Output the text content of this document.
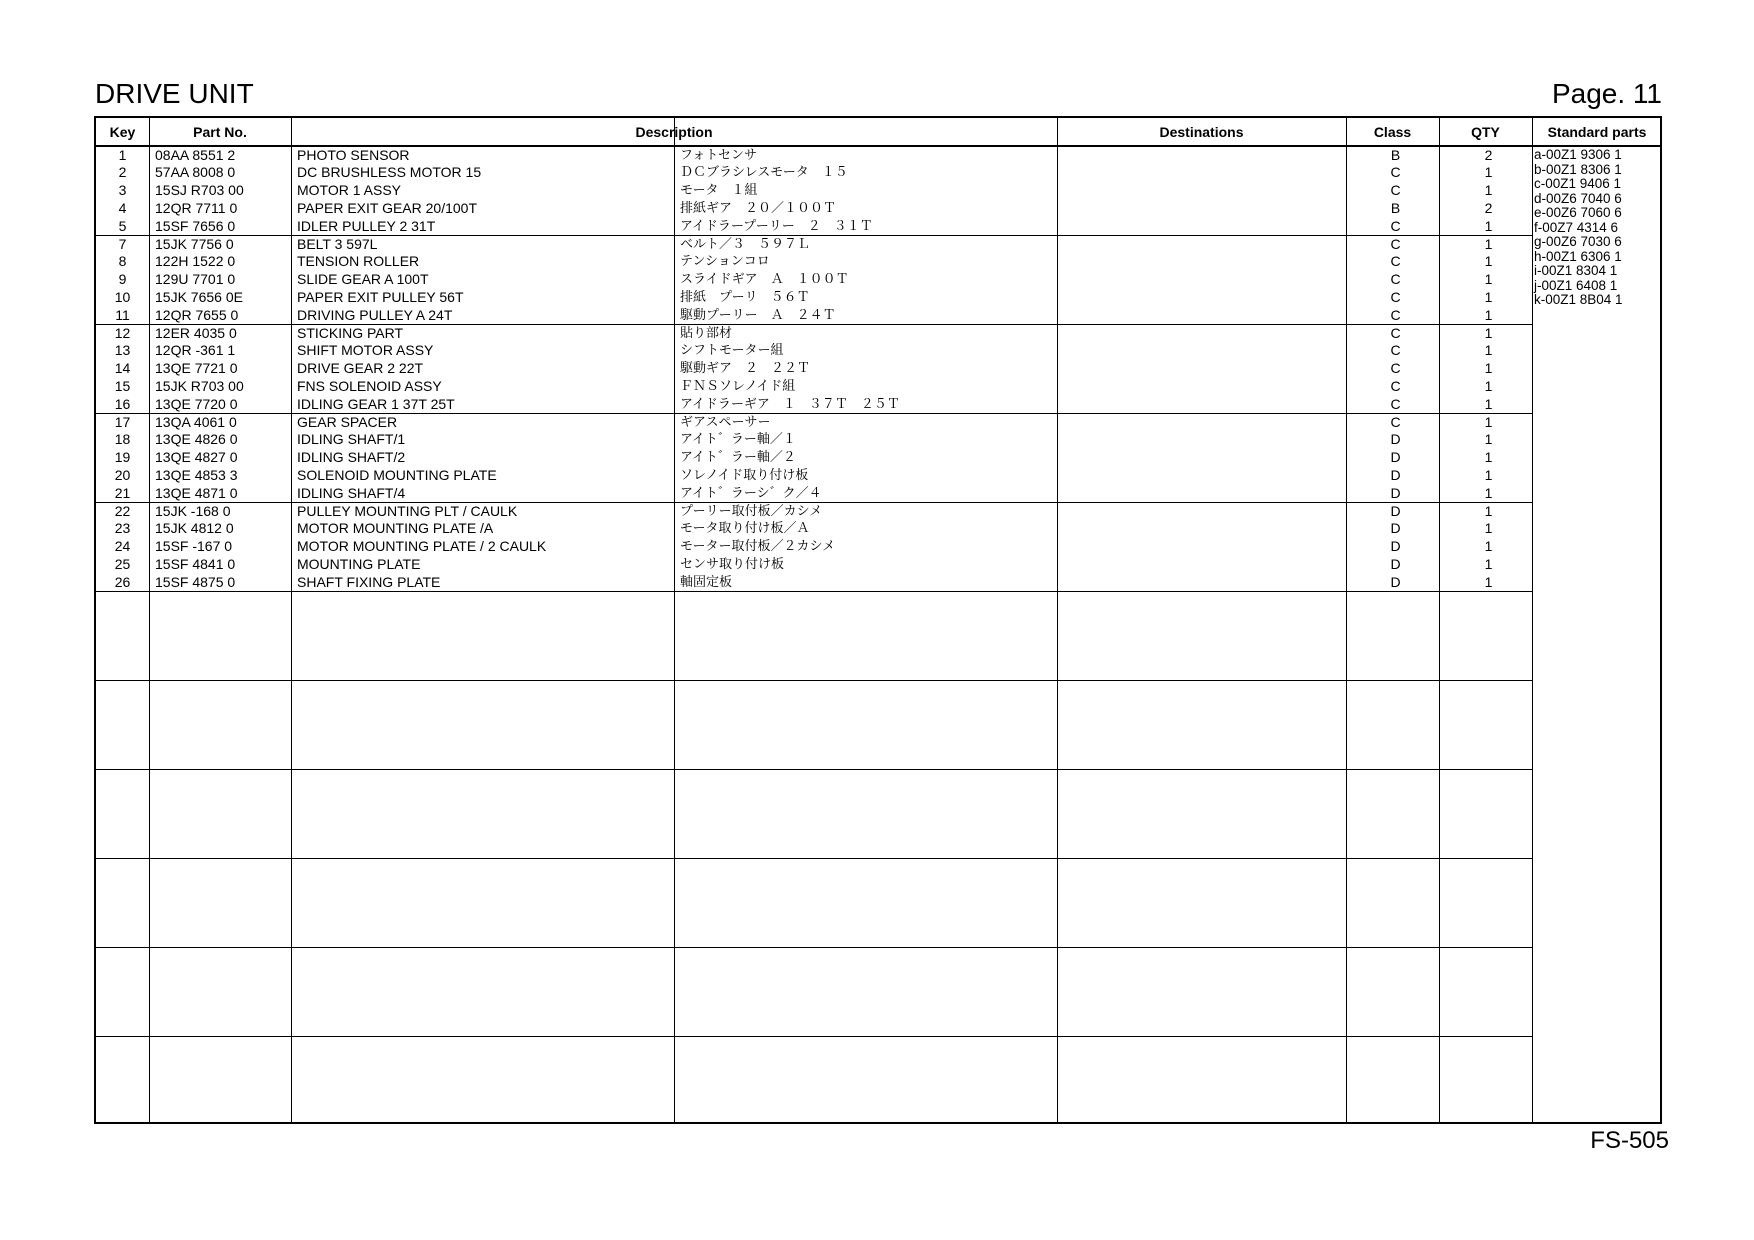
DRIVE UNIT	Page. 11
Key	Part No.	Description	Destinations	Class	QTY	Standard parts
1	08AA 8551 2	PHOTO SENSOR	フォトセンサ	B	2
2	57AA 8008 0	DC BRUSHLESS MOTOR 15	ＤＣブラシレスモータ　１５	C	1
3	15SJ R703 00	MOTOR 1 ASSY	モータ　１組	C	1
4	12QR 7711 0	PAPER EXIT GEAR 20/100T	排紙ギア　２０／１００Ｔ	B	2
5	15SF 7656 0	IDLER PULLEY 2 31T	アイドラープーリー　２　３１Ｔ	C	1
7	15JK 7756 0	BELT 3 597L	ベルト／３　５９７Ｌ	C	1
8	122H 1522 0	TENSION ROLLER	テンションコロ	C	1
9	129U 7701 0	SLIDE GEAR A 100T	スライドギア　Ａ　１００Ｔ	C	1
10	15JK 7656 0E	PAPER EXIT PULLEY 56T	排紙　プーリ　５６Ｔ	C	1
11	12QR 7655 0	DRIVING PULLEY A 24T	駆動プーリー　Ａ　２４Ｔ	C	1
12	12ER 4035 0	STICKING PART	貼り部材	C	1
13	12QR -361 1	SHIFT MOTOR ASSY	シフトモーター組	C	1
14	13QE 7721 0	DRIVE GEAR 2 22T	駆動ギア　２　２２Ｔ	C	1
15	15JK R703 00	FNS SOLENOID ASSY	ＦＮＳソレノイド組	C	1
16	13QE 7720 0	IDLING GEAR 1 37T 25T	アイドラーギア　１　３７Ｔ　２５Ｔ	C	1
17	13QA 4061 0	GEAR SPACER	ギアスペーサー	C	1
18	13QE 4826 0	IDLING SHAFT/1	アイト゛ラー軸／１	D	1
19	13QE 4827 0	IDLING SHAFT/2	アイト゛ラー軸／２	D	1
20	13QE 4853 3	SOLENOID MOUNTING PLATE	ソレノイド取り付け板	D	1
21	13QE 4871 0	IDLING SHAFT/4	アイト゛ラーシ゛ク／４	D	1
22	15JK -168 0	PULLEY MOUNTING PLT / CAULK	プーリー取付板／カシメ	D	1
23	15JK 4812 0	MOTOR MOUNTING PLATE /A	モータ取り付け板／Ａ	D	1
24	15SF -167 0	MOTOR MOUNTING PLATE / 2 CAULK	モーター取付板／２カシメ	D	1
25	15SF 4841 0	MOUNTING PLATE	センサ取り付け板	D	1
26	15SF 4875 0	SHAFT FIXING PLATE	軸固定板	D	1
a-00Z1 9306 1
b-00Z1 8306 1
c-00Z1 9406 1
d-00Z6 7040 6
e-00Z6 7060 6
f-00Z7 4314 6
g-00Z6 7030 6
h-00Z1 6306 1
i-00Z1 8304 1
j-00Z1 6408 1
k-00Z1 8B04 1
FS-505
